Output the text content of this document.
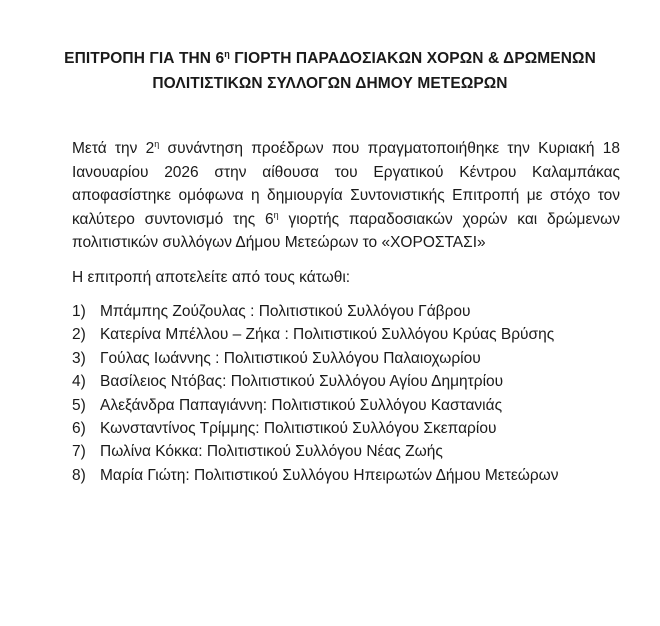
ΕΠΙΤΡΟΠΗ ΓΙΑ ΤΗΝ $6^\eta$ ΓΙΟΡΤΗ ΠΑΡΑΔΟΣΙΑΚΩΝ ΧΟΡΩΝ & ΔΡΩΜΕΝΩΝ
ΠΟΛΙΤΙΣΤΙΚΩΝ ΣΥΛΛΟΓΩΝ ΔΗΜΟΥ ΜΕΤΕΩΡΩΝ

Μετά την $2^\eta$ συνάντηση προέδρων που πραγματοποιήθηκε την Κυριακή 18 Ιανουαρίου 2026 στην αίθουσα του Εργατικού Κέντρου Καλαμπάκας αποφασίστηκε ομόφωνα η δημιουργία Συντονιστικής Επιτροπή με στόχο τον καλύτερο συντονισμό της $6^\eta$ γιορτής παραδοσιακών χορών και δρώμενων πολιτιστικών συλλόγων Δήμου Μετεώρων το «ΧΟΡΟΣΤΑΣΙ»

Η επιτροπή αποτελείτε από τους κάτωθι:
1) Μπάμπης Ζούζουλας : Πολιτιστικού Συλλόγου Γάβρου
2) Κατερίνα Μπέλλου – Ζήκα : Πολιτιστικού Συλλόγου Κρύας Βρύσης
3) Γούλας Ιωάννης : Πολιτιστικού Συλλόγου Παλαιοχωρίου
4) Βασίλειος Ντόβας: Πολιτιστικού Συλλόγου Αγίου Δημητρίου
5) Αλεξάνδρα Παπαγιάννη: Πολιτιστικού Συλλόγου Καστανιάς
6) Κωνσταντίνος Τρίμμης: Πολιτιστικού Συλλόγου Σκεπαρίου
7) Πωλίνα Κόκκα: Πολιτιστικού Συλλόγου Νέας Ζωής
8) Μαρία Γιώτη: Πολιτιστικού Συλλόγου Ηπειρωτών Δήμου Μετεώρων
